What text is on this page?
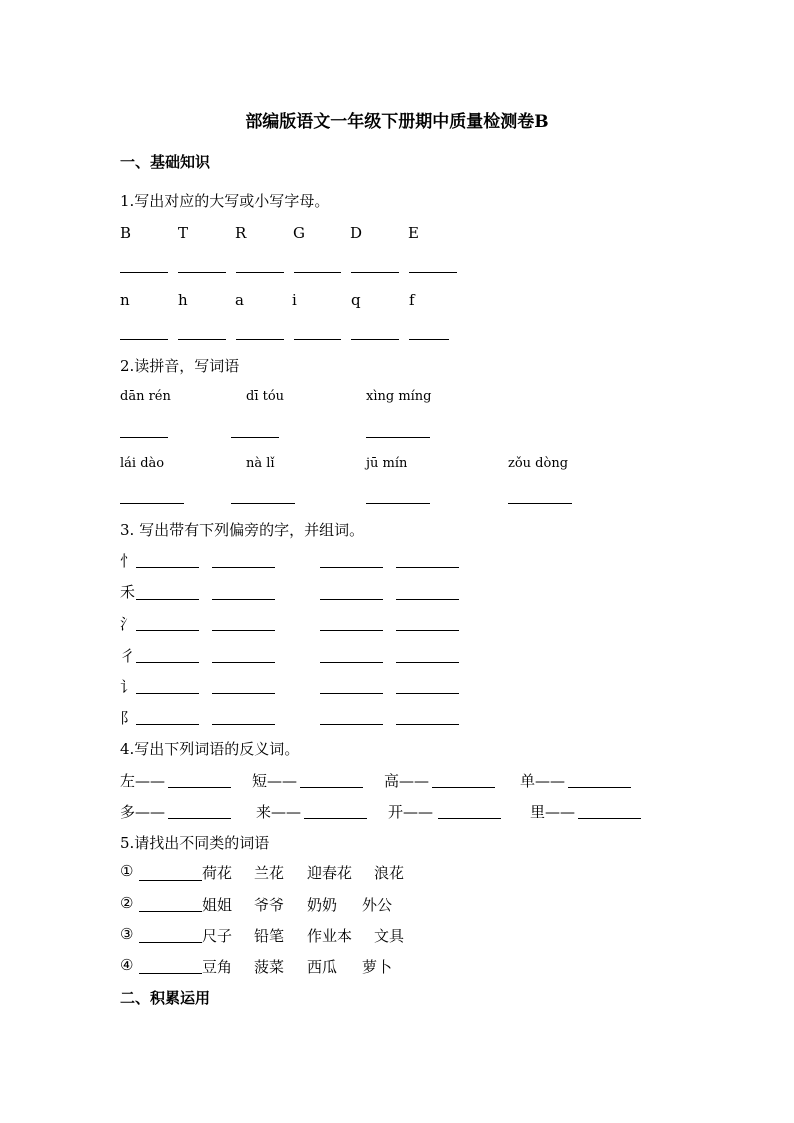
部编版语文一年级下册期中质量检测卷B
一、基础知识
1.写出对应的大写或小写字母。
B	T	R	G	D	E
n	h	a	i	q	f
2.读拼音，写词语
dān rén	dī tóu	xìng míng
lái dào	nà lǐ	jū mín	zǒu dòng
3. 写出带有下列偏旁的字，并组词。
忄
禾
氵
彳
讠
阝
4.写出下列词语的反义词。
左——	短——	高——	单——
多——	来——	开——	里——
5.请找出不同类的词语
①	荷花 兰花 迎春花 浪花
②	姐姐 爷爷 奶奶 外公
③	尺子 铅笔 作业本 文具
④	豆角 菠菜 西瓜 萝卜
二、积累运用
